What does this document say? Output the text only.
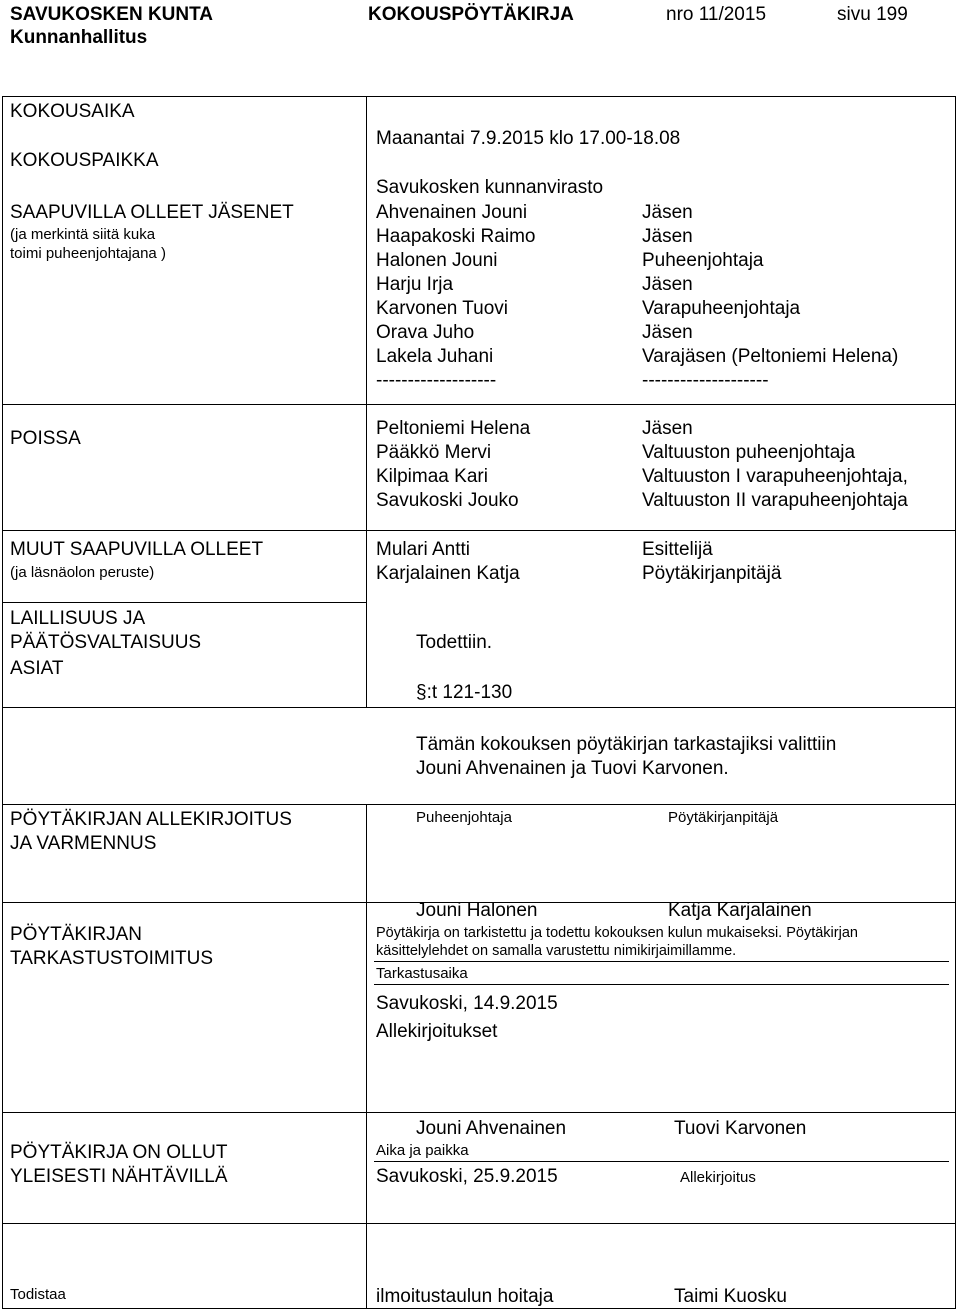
SAVUKOSKEN KUNTA	KOKOUSPÖYTÄKIRJA	nro 11/2015	sivu 199
Kunnanhallitus
KOKOUSAIKA
Maanantai 7.9.2015 klo 17.00-18.08
KOKOUSPAIKKA
Savukosken kunnanvirasto
SAAPUVILLA OLLEET JÄSENET
(ja merkintä siitä kuka
toimi puheenjohtajana )
Ahvenainen Jouni	Jäsen
Haapakoski Raimo	Jäsen
Halonen Jouni	Puheenjohtaja
Harju Irja	Jäsen
Karvonen Tuovi	Varapuheenjohtaja
Orava Juho	Jäsen
Lakela Juhani	Varajäsen (Peltoniemi Helena)
-------------------	--------------------
POISSA	Peltoniemi Helena	Jäsen
Pääkkö Mervi	Valtuuston puheenjohtaja
Kilpimaa Kari	Valtuuston I varapuheenjohtaja,
Savukoski Jouko	Valtuuston II varapuheenjohtaja
MUUT SAAPUVILLA OLLEET
(ja läsnäolon peruste)
Mulari Antti	Esittelijä
Karjalainen Katja	Pöytäkirjanpitäjä
LAILLISUUS JA
PÄÄTÖSVALTAISUUS	Todettiin.
ASIAT
§:t 121-130
Tämän kokouksen pöytäkirjan tarkastajiksi valittiin
Jouni Ahvenainen ja Tuovi Karvonen.
PÖYTÄKIRJAN ALLEKIRJOITUS
JA VARMENNUS
Puheenjohtaja	Pöytäkirjanpitäjä
Jouni Halonen	Katja Karjalainen
PÖYTÄKIRJAN
TARKASTUSTOIMITUS
Pöytäkirja on tarkistettu ja todettu kokouksen kulun mukaiseksi. Pöytäkirjan
käsittelylehdet on samalla varustettu nimikirjaimillamme.
Tarkastusaika
Savukoski, 14.9.2015
Allekirjoitukset
Jouni Ahvenainen	Tuovi Karvonen
PÖYTÄKIRJA ON OLLUT
YLEISESTI NÄHTÄVILLÄ
Aika ja paikka
Savukoski, 25.9.2015	Allekirjoitus
Todistaa	ilmoitustaulun hoitaja	Taimi Kuosku
